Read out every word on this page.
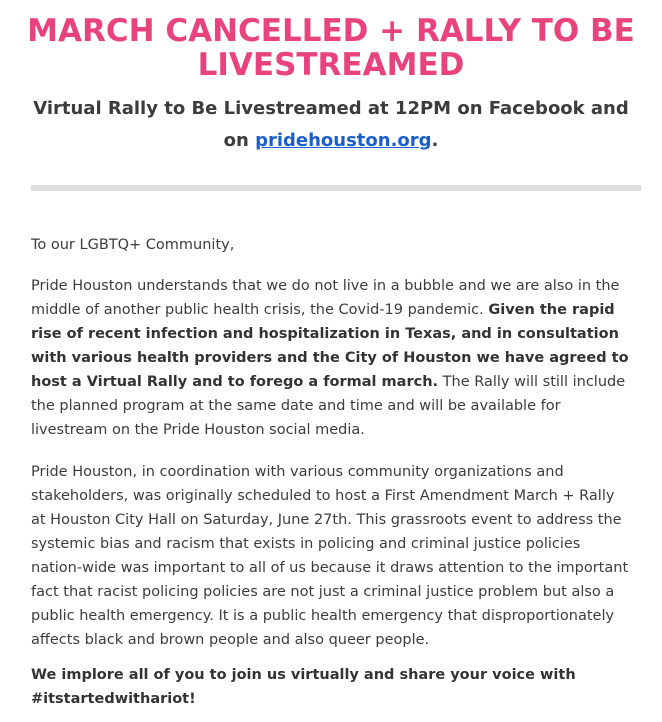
MARCH CANCELLED + RALLY TO BE LIVESTREAMED

Virtual Rally to Be Livestreamed at 12PM on Facebook and on pridehouston.org.

To our LGBTQ+ Community,

Pride Houston understands that we do not live in a bubble and we are also in the middle of another public health crisis, the Covid-19 pandemic. Given the rapid rise of recent infection and hospitalization in Texas, and in consultation with various health providers and the City of Houston we have agreed to host a Virtual Rally and to forego a formal march. The Rally will still include the planned program at the same date and time and will be available for livestream on the Pride Houston social media.

Pride Houston, in coordination with various community organizations and stakeholders, was originally scheduled to host a First Amendment March + Rally at Houston City Hall on Saturday, June 27th. This grassroots event to address the systemic bias and racism that exists in policing and criminal justice policies nation-wide was important to all of us because it draws attention to the important fact that racist policing policies are not just a criminal justice problem but also a public health emergency. It is a public health emergency that disproportionately affects black and brown people and also queer people.

We implore all of you to join us virtually and share your voice with #itstartedwithariot!
